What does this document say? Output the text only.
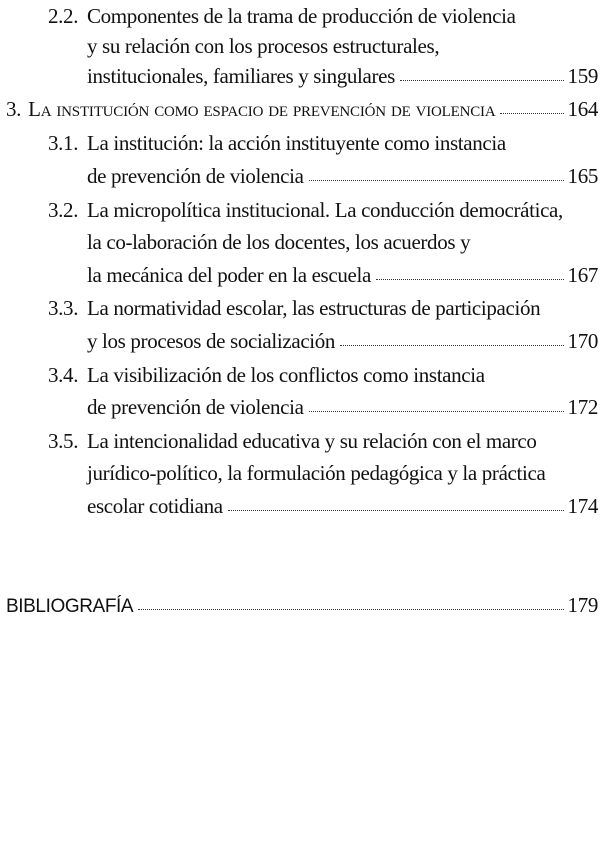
2.2. Componentes de la trama de producción de violencia
y su relación con los procesos estructurales,
institucionales, familiares y singulares	159
3. La institución como espacio de prevención de violencia	164
3.1. La institución: la acción instituyente como instancia
de prevención de violencia	165
3.2. La micropolítica institucional. La conducción democrática,
la co-laboración de los docentes, los acuerdos y
la mecánica del poder en la escuela	167
3.3. La normatividad escolar, las estructuras de participación
y los procesos de socialización	170
3.4. La visibilización de los conflictos como instancia
de prevención de violencia	172
3.5. La intencionalidad educativa y su relación con el marco
jurídico-político, la formulación pedagógica y la práctica
escolar cotidiana	174
BIBLIOGRAFÍA	179
